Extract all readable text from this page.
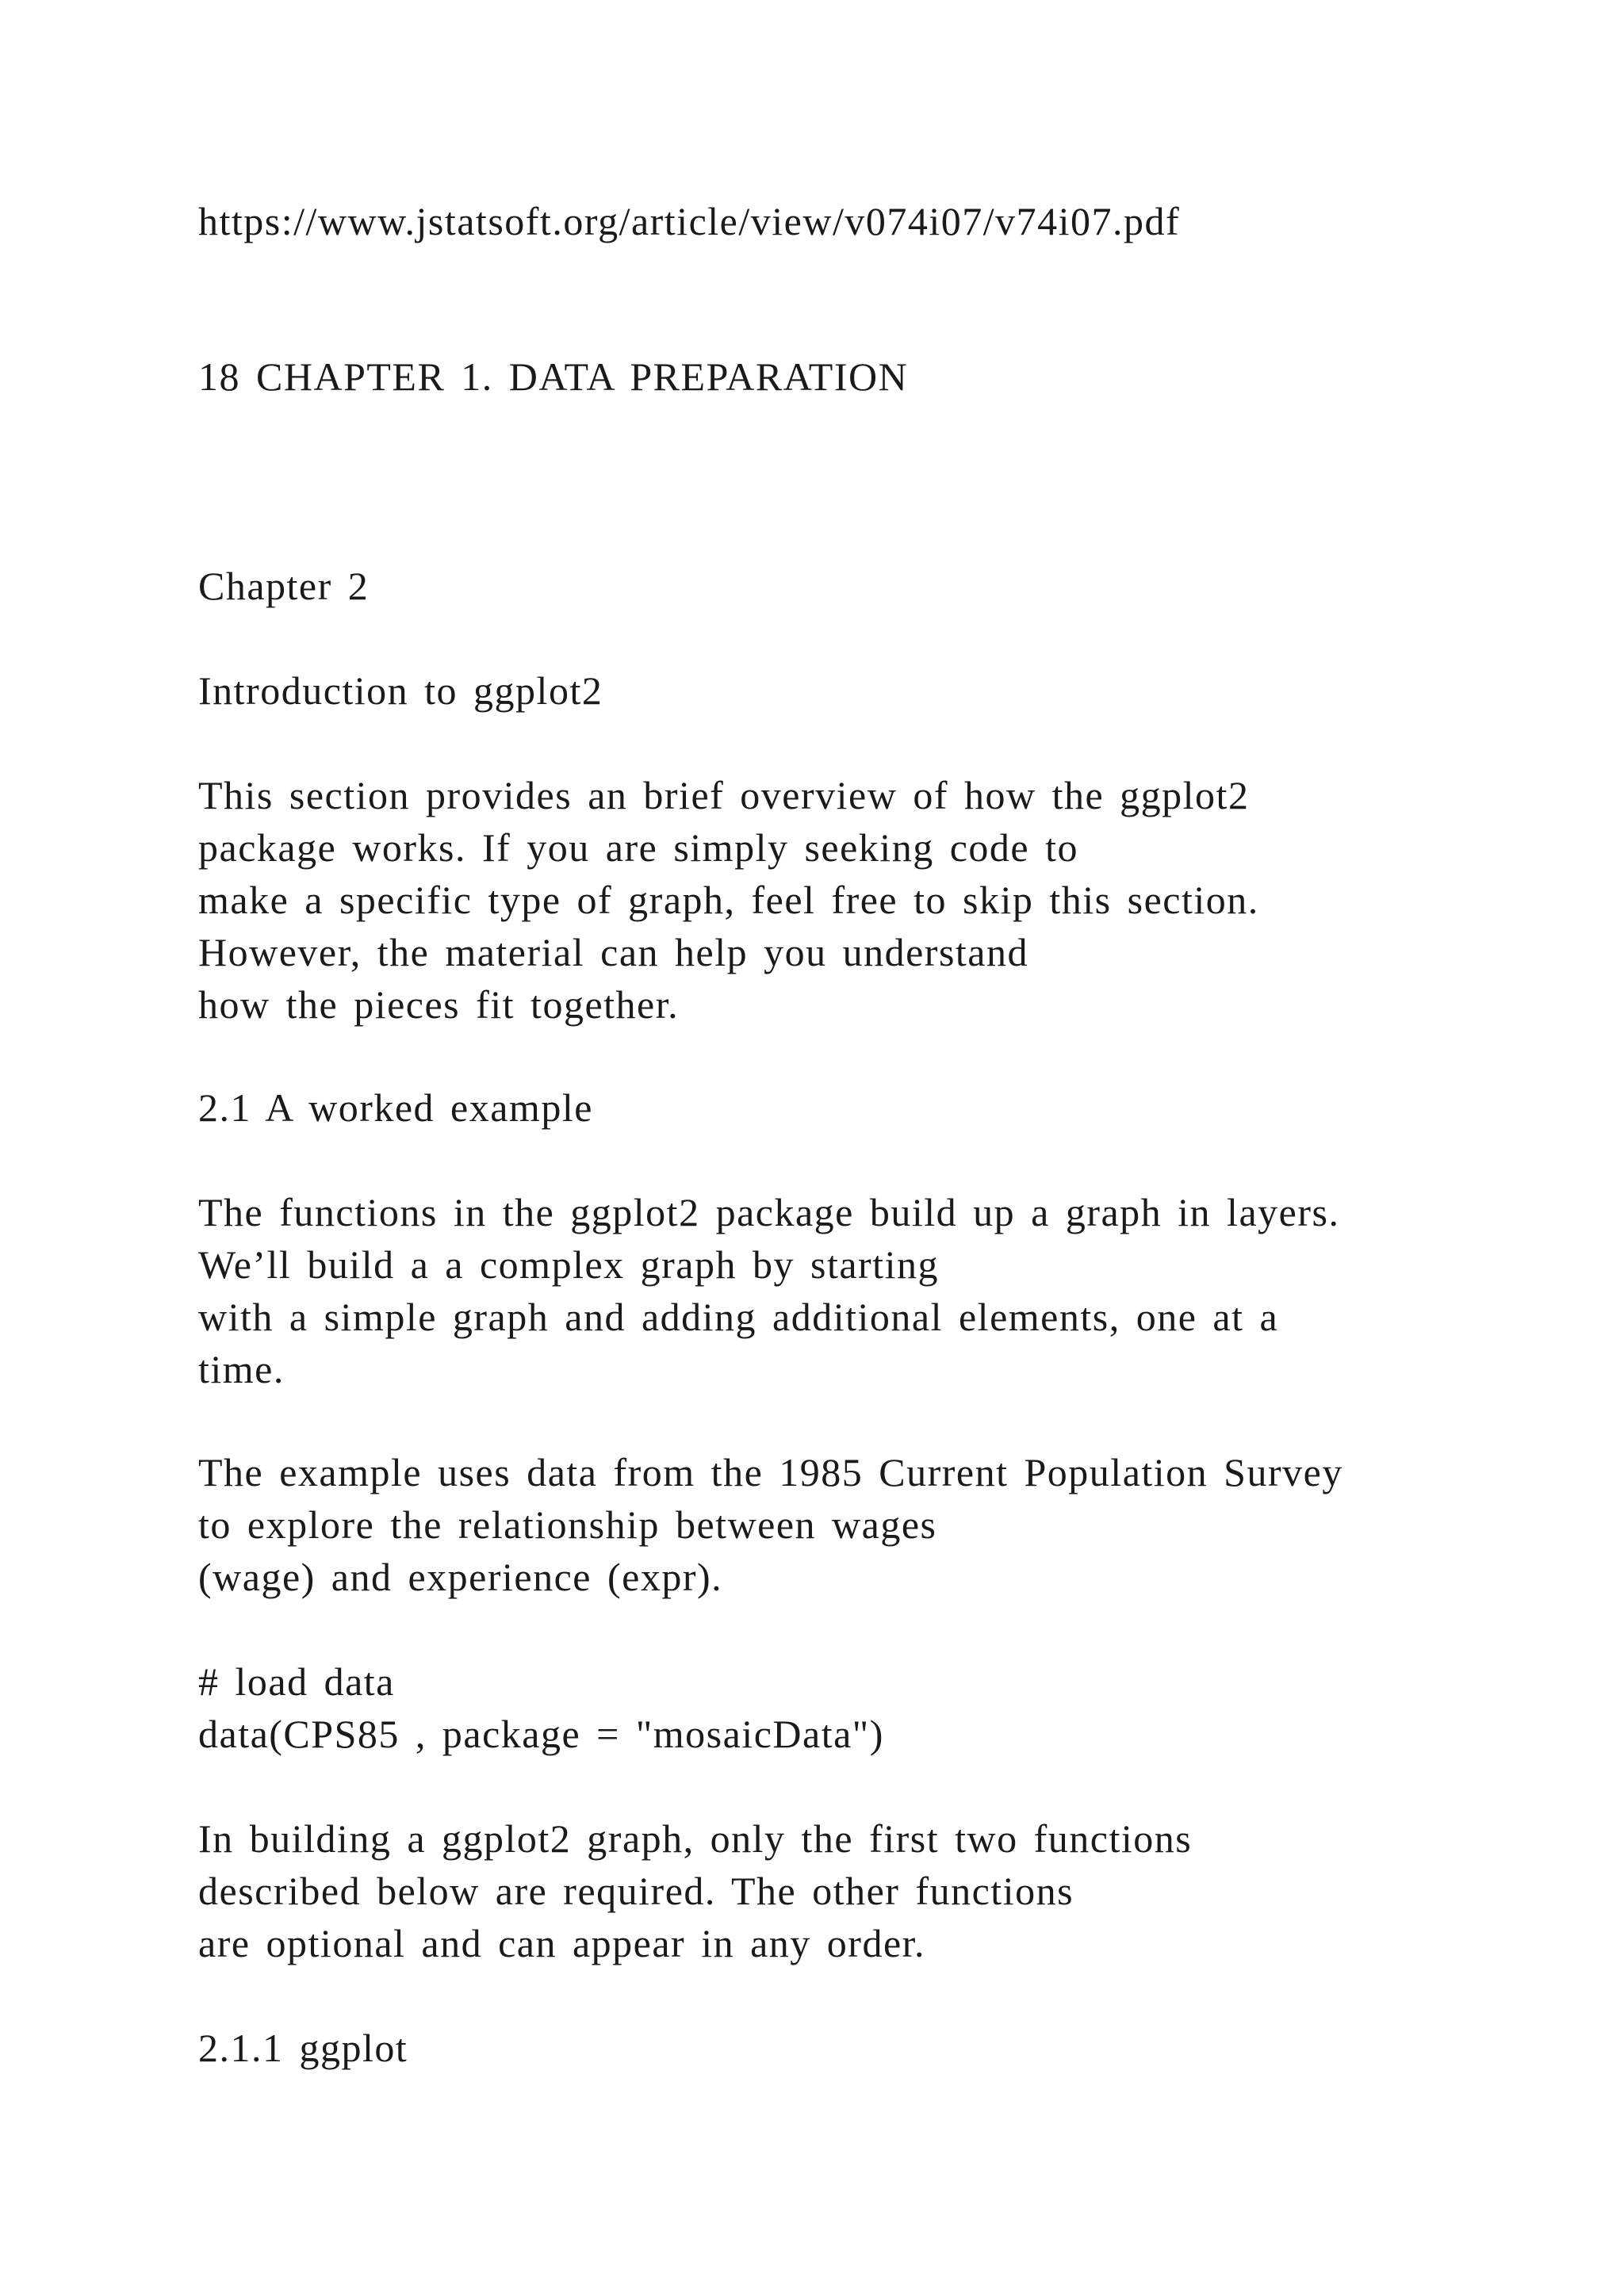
https://www.jstatsoft.org/article/view/v074i07/v74i07.pdf

18 CHAPTER 1. DATA PREPARATION

Chapter 2

Introduction to ggplot2

This section provides an brief overview of how the ggplot2
package works. If you are simply seeking code to
make a specific type of graph, feel free to skip this section.
However, the material can help you understand
how the pieces fit together.

2.1 A worked example

The functions in the ggplot2 package build up a graph in layers.
We’ll build a a complex graph by starting
with a simple graph and adding additional elements, one at a
time.

The example uses data from the 1985 Current Population Survey
to explore the relationship between wages
(wage) and experience (expr).

# load data
data(CPS85 , package = "mosaicData")

In building a ggplot2 graph, only the first two functions
described below are required. The other functions
are optional and can appear in any order.

2.1.1 ggplot
